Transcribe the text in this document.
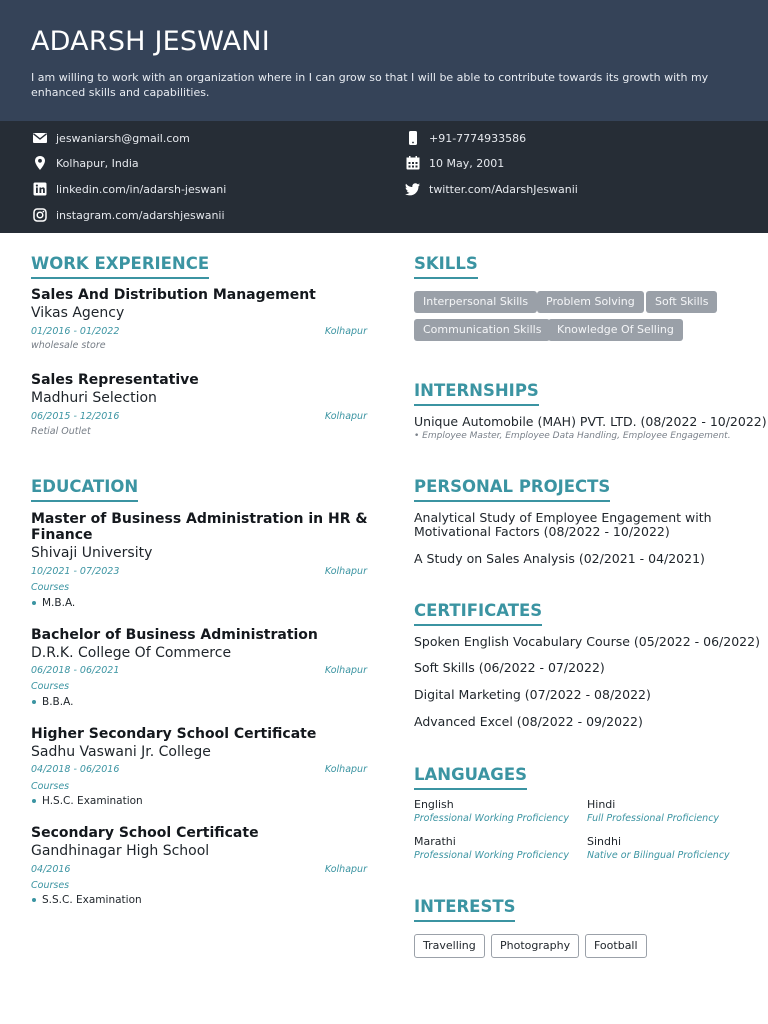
ADARSH JESWANI
I am willing to work with an organization where in I can grow so that I will be able to contribute towards its growth with my enhanced skills and capabilities.
jeswaniarsh@gmail.com	+91-7774933586
Kolhapur, India	10 May, 2001
linkedin.com/in/adarsh-jeswani	twitter.com/AdarshJeswanii
instagram.com/adarshjeswanii
WORK EXPERIENCE
Sales And Distribution Management
Vikas Agency
01/2016 - 01/2022	Kolhapur
wholesale store
Sales Representative
Madhuri Selection
06/2015 - 12/2016	Kolhapur
Retial Outlet
EDUCATION
Master of Business Administration in HR &
Finance
Shivaji University
10/2021 - 07/2023	Kolhapur
Courses
M.B.A.
Bachelor of Business Administration
D.R.K. College Of Commerce
06/2018 - 06/2021	Kolhapur
Courses
B.B.A.
Higher Secondary School Certificate
Sadhu Vaswani Jr. College
04/2018 - 06/2016	Kolhapur
Courses
H.S.C. Examination
Secondary School Certificate
Gandhinagar High School
04/2016	Kolhapur
Courses
S.S.C. Examination
SKILLS
Interpersonal Skills	Problem Solving	Soft Skills
Communication Skills	Knowledge Of Selling
INTERNSHIPS
Unique Automobile (MAH) PVT. LTD. (08/2022 - 10/2022)
• Employee Master, Employee Data Handling, Employee Engagement.
PERSONAL PROJECTS
Analytical Study of Employee Engagement with
Motivational Factors (08/2022 - 10/2022)
A Study on Sales Analysis (02/2021 - 04/2021)
CERTIFICATES
Spoken English Vocabulary Course (05/2022 - 06/2022)
Soft Skills (06/2022 - 07/2022)
Digital Marketing (07/2022 - 08/2022)
Advanced Excel (08/2022 - 09/2022)
LANGUAGES
English
Professional Working Proficiency
Hindi
Full Professional Proficiency
Marathi
Professional Working Proficiency
Sindhi
Native or Bilingual Proficiency
INTERESTS
Travelling	Photography	Football
